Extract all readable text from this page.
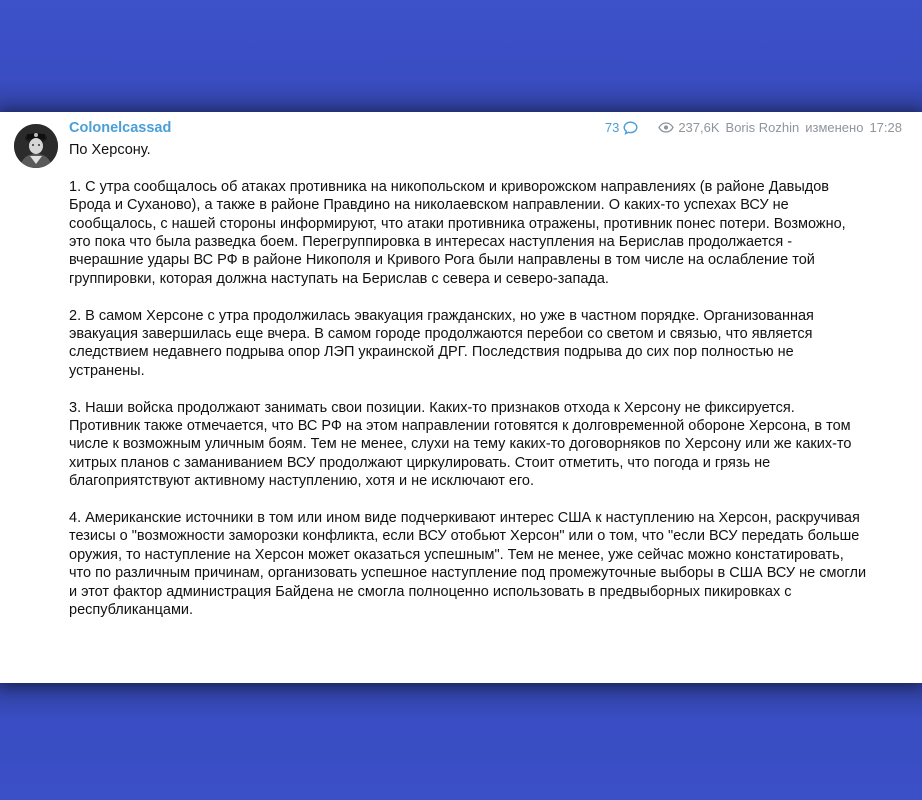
Colonelcassad	73	237,6K Boris Rozhin изменено 17:28

По Херсону.

1. С утра сообщалось об атаках противника на никопольском и криворожском направлениях (в районе Давыдов Брода и Суханово), а также в районе Правдино на николаевском направлении. О каких-то успехах ВСУ не сообщалось, с нашей стороны информируют, что атаки противника отражены, противник понес потери. Возможно, это пока что была разведка боем. Перегруппировка в интересах наступления на Берислав продолжается - вчерашние удары ВС РФ в районе Никополя и Кривого Рога были направлены в том числе на ослабление той группировки, которая должна наступать на Берислав с севера и северо-запада.

2. В самом Херсоне с утра продолжилась эвакуация гражданских, но уже в частном порядке. Организованная эвакуация завершилась еще вчера. В самом городе продолжаются перебои со светом и связью, что является следствием недавнего подрыва опор ЛЭП украинской ДРГ. Последствия подрыва до сих пор полностью не устранены.

3. Наши войска продолжают занимать свои позиции. Каких-то признаков отхода к Херсону не фиксируется. Противник также отмечается, что ВС РФ на этом направлении готовятся к долговременной обороне Херсона, в том числе к возможным уличным боям. Тем не менее, слухи на тему каких-то договорняков по Херсону или же каких-то хитрых планов с заманиванием ВСУ продолжают циркулировать. Стоит отметить, что погода и грязь не благоприятствуют активному наступлению, хотя и не исключают его.

4. Американские источники в том или ином виде подчеркивают интерес США к наступлению на Херсон, раскручивая тезисы о "возможности заморозки конфликта, если ВСУ отобьют Херсон" или о том, что "если ВСУ передать больше оружия, то наступление на Херсон может оказаться успешным". Тем не менее, уже сейчас можно констатировать, что по различным причинам, организовать успешное наступление под промежуточные выборы в США ВСУ не смогли и этот фактор администрация Байдена не смогла полноценно использовать в предвыборных пикировках с республиканцами.
